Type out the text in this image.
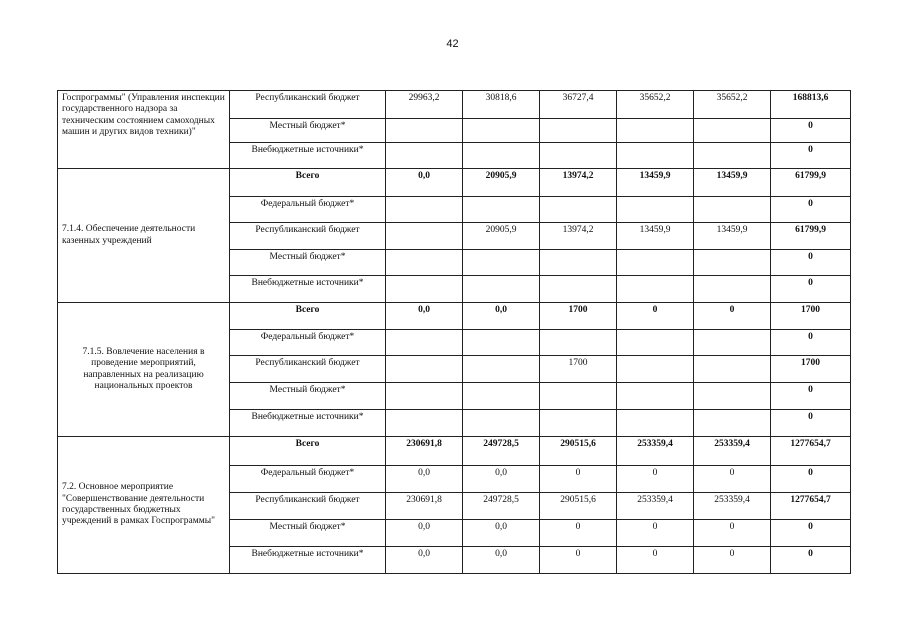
42
Госпрограммы" (Управления инспекции государственного надзора за техническим состоянием самоходных машин и других видов техники)"	Республиканский бюджет	29963,2	30818,6	36727,4	35652,2	35652,2	168813,6
	Местный бюджет*						0
	Внебюджетные источники*						0
7.1.4. Обеспечение деятельности казенных учреждений	Всего	0,0	20905,9	13974,2	13459,9	13459,9	61799,9
	Федеральный бюджет*						0
	Республиканский бюджет		20905,9	13974,2	13459,9	13459,9	61799,9
	Местный бюджет*						0
	Внебюджетные источники*						0
7.1.5. Вовлечение населения в проведение мероприятий, направленных на реализацию национальных проектов	Всего	0,0	0,0	1700	0	0	1700
	Федеральный бюджет*						0
	Республиканский бюджет			1700			1700
	Местный бюджет*						0
	Внебюджетные источники*						0
7.2. Основное мероприятие "Совершенствование деятельности государственных бюджетных учреждений в рамках Госпрограммы"	Всего	230691,8	249728,5	290515,6	253359,4	253359,4	1277654,7
	Федеральный бюджет*	0,0	0,0	0	0	0	0
	Республиканский бюджет	230691,8	249728,5	290515,6	253359,4	253359,4	1277654,7
	Местный бюджет*	0,0	0,0	0	0	0	0
	Внебюджетные источники*	0,0	0,0	0	0	0	0
